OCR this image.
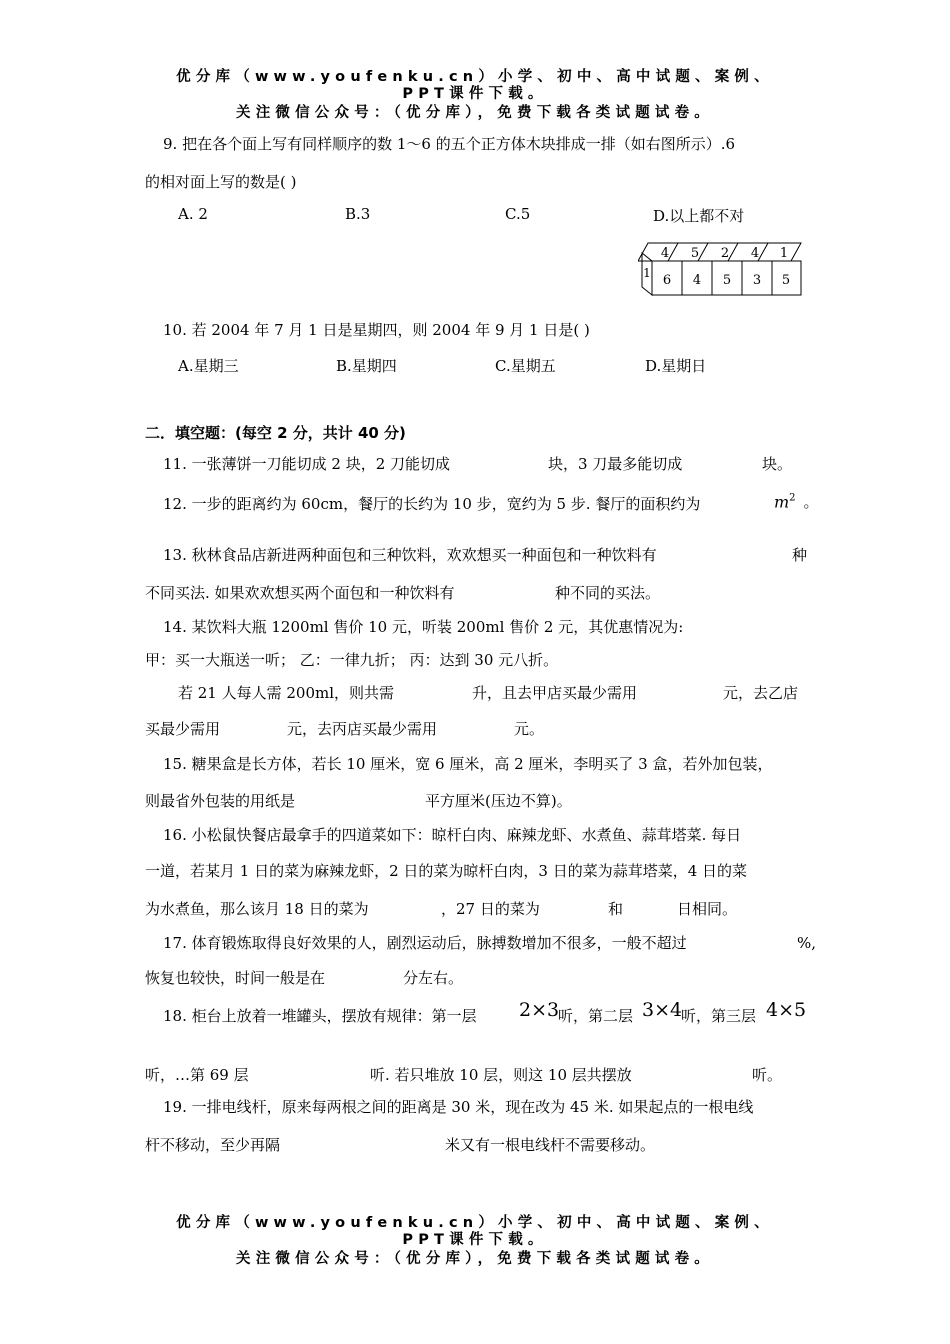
优分库（www.youfenku.cn）小学、初中、高中试题、案例、
PPT课件下载。
关注微信公众号：（优分库），免费下载各类试题试卷。
9. 把在各个面上写有同样顺序的数 1～6 的五个正方体木块排成一排（如右图所示）.6
的相对面上写的数是( )
A. 2	B.3	C.5	D.以上都不对
4 5 2 4 1
6 4 5 3 5
1
10. 若 2004 年 7 月 1 日是星期四，则 2004 年 9 月 1 日是( )
A.星期三	B.星期四	C.星期五	D.星期日
二．填空题：(每空 2 分，共计 40 分)
11. 一张薄饼一刀能切成 2 块，2 刀能切成	块，3 刀最多能切成	块。
12. 一步的距离约为 60cm，餐厅的长约为 10 步，宽约为 5 步. 餐厅的面积约为	$m^2$ 。
13. 秋林食品店新进两种面包和三种饮料，欢欢想买一种面包和一种饮料有	种
不同买法. 如果欢欢想买两个面包和一种饮料有	种不同的买法。
14. 某饮料大瓶 1200ml 售价 10 元，听装 200ml 售价 2 元，其优惠情况为:
甲：买一大瓶送一听； 乙：一律九折； 丙：达到 30 元八折。
若 21 人每人需 200ml，则共需	升，且去甲店买最少需用	元，去乙店
买最少需用	元，去丙店买最少需用	元。
15. 糖果盒是长方体，若长 10 厘米，宽 6 厘米，高 2 厘米，李明买了 3 盒，若外加包装，
则最省外包装的用纸是	平方厘米(压边不算)。
16. 小松鼠快餐店最拿手的四道菜如下：晾杆白肉、麻辣龙虾、水煮鱼、蒜茸塔菜. 每日
一道，若某月 1 日的菜为麻辣龙虾，2 日的菜为晾杆白肉，3 日的菜为蒜茸塔菜，4 日的菜
为水煮鱼，那么该月 18 日的菜为	，27 日的菜为	和	日相同。
17. 体育锻炼取得良好效果的人，剧烈运动后，脉搏数增加不很多，一般不超过	%,
恢复也较快，时间一般是在	分左右。
18. 柜台上放着一堆罐头，摆放有规律：第一层 2×3
听，第二层 3×4
听，第三层 4×5
听，…第 69 层	听. 若只堆放 10 层，则这 10 层共摆放	听。
19. 一排电线杆，原来每两根之间的距离是 30 米，现在改为 45 米. 如果起点的一根电线
杆不移动，至少再隔	米又有一根电线杆不需要移动。
优分库（www.youfenku.cn）小学、初中、高中试题、案例、
PPT课件下载。
关注微信公众号：（优分库），免费下载各类试题试卷。
